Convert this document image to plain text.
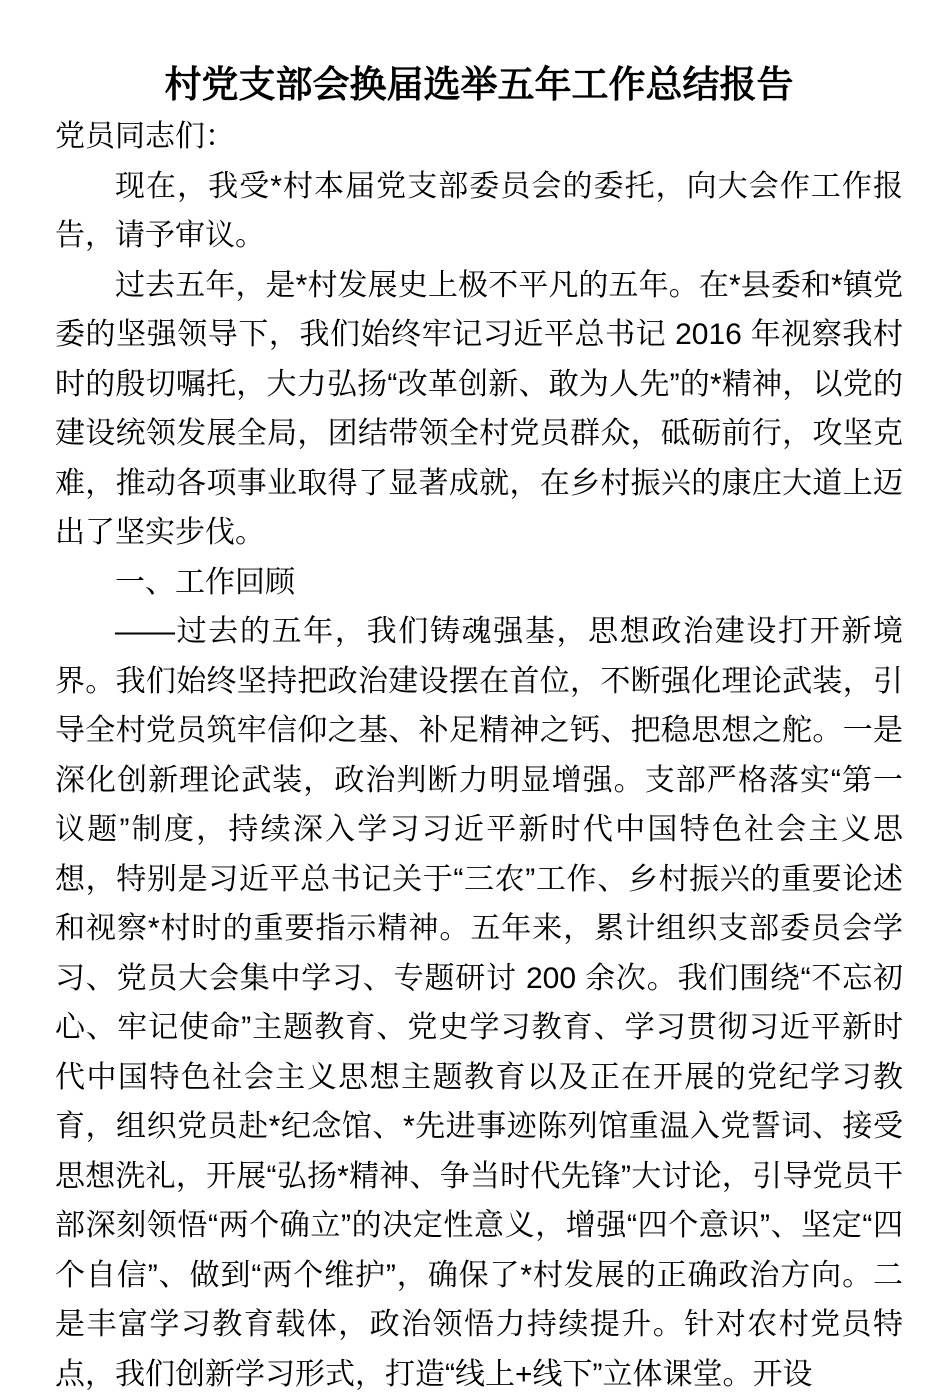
村党支部会换届选举五年工作总结报告

党员同志们：

现在，我受*村本届党支部委员会的委托，向大会作工作报告，请予审议。

过去五年，是*村发展史上极不平凡的五年。在*县委和*镇党委的坚强领导下，我们始终牢记习近平总书记 2016 年视察我村时的殷切嘱托，大力弘扬“改革创新、敢为人先”的*精神，以党的建设统领发展全局，团结带领全村党员群众，砥砺前行，攻坚克难，推动各项事业取得了显著成就，在乡村振兴的康庄大道上迈出了坚实步伐。

一、工作回顾

——过去的五年，我们铸魂强基，思想政治建设打开新境界。我们始终坚持把政治建设摆在首位，不断强化理论武装，引导全村党员筑牢信仰之基、补足精神之钙、把稳思想之舵。一是深化创新理论武装，政治判断力明显增强。支部严格落实“第一议题”制度，持续深入学习习近平新时代中国特色社会主义思想，特别是习近平总书记关于“三农”工作、乡村振兴的重要论述和视察*村时的重要指示精神。五年来，累计组织支部委员会学习、党员大会集中学习、专题研讨 200 余次。我们围绕“不忘初心、牢记使命”主题教育、党史学习教育、学习贯彻习近平新时代中国特色社会主义思想主题教育以及正在开展的党纪学习教育，组织党员赴*纪念馆、*先进事迹陈列馆重温入党誓词、接受思想洗礼，开展“弘扬*精神、争当时代先锋”大讨论，引导党员干部深刻领悟“两个确立”的决定性意义，增强“四个意识”、坚定“四个自信”、做到“两个维护”，确保了*村发展的正确政治方向。二是丰富学习教育载体，政治领悟力持续提升。针对农村党员特点，我们创新学习形式，打造“线上+线下”立体课堂。开设
